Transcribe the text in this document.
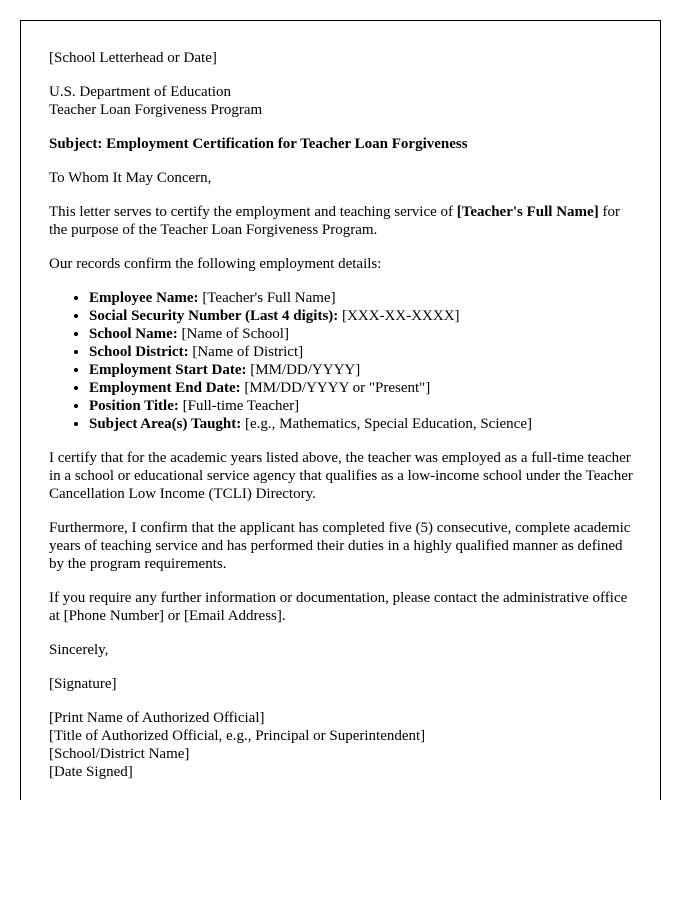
[School Letterhead or Date]

U.S. Department of Education
Teacher Loan Forgiveness Program

Subject: Employment Certification for Teacher Loan Forgiveness

To Whom It May Concern,

This letter serves to certify the employment and teaching service of [Teacher's Full Name] for the purpose of the Teacher Loan Forgiveness Program.

Our records confirm the following employment details:

• Employee Name: [Teacher's Full Name]
• Social Security Number (Last 4 digits): [XXX-XX-XXXX]
• School Name: [Name of School]
• School District: [Name of District]
• Employment Start Date: [MM/DD/YYYY]
• Employment End Date: [MM/DD/YYYY or "Present"]
• Position Title: [Full-time Teacher]
• Subject Area(s) Taught: [e.g., Mathematics, Special Education, Science]

I certify that for the academic years listed above, the teacher was employed as a full-time teacher in a school or educational service agency that qualifies as a low-income school under the Teacher Cancellation Low Income (TCLI) Directory.

Furthermore, I confirm that the applicant has completed five (5) consecutive, complete academic years of teaching service and has performed their duties in a highly qualified manner as defined by the program requirements.

If you require any further information or documentation, please contact the administrative office at [Phone Number] or [Email Address].

Sincerely,

[Signature]

[Print Name of Authorized Official]
[Title of Authorized Official, e.g., Principal or Superintendent]
[School/District Name]
[Date Signed]
